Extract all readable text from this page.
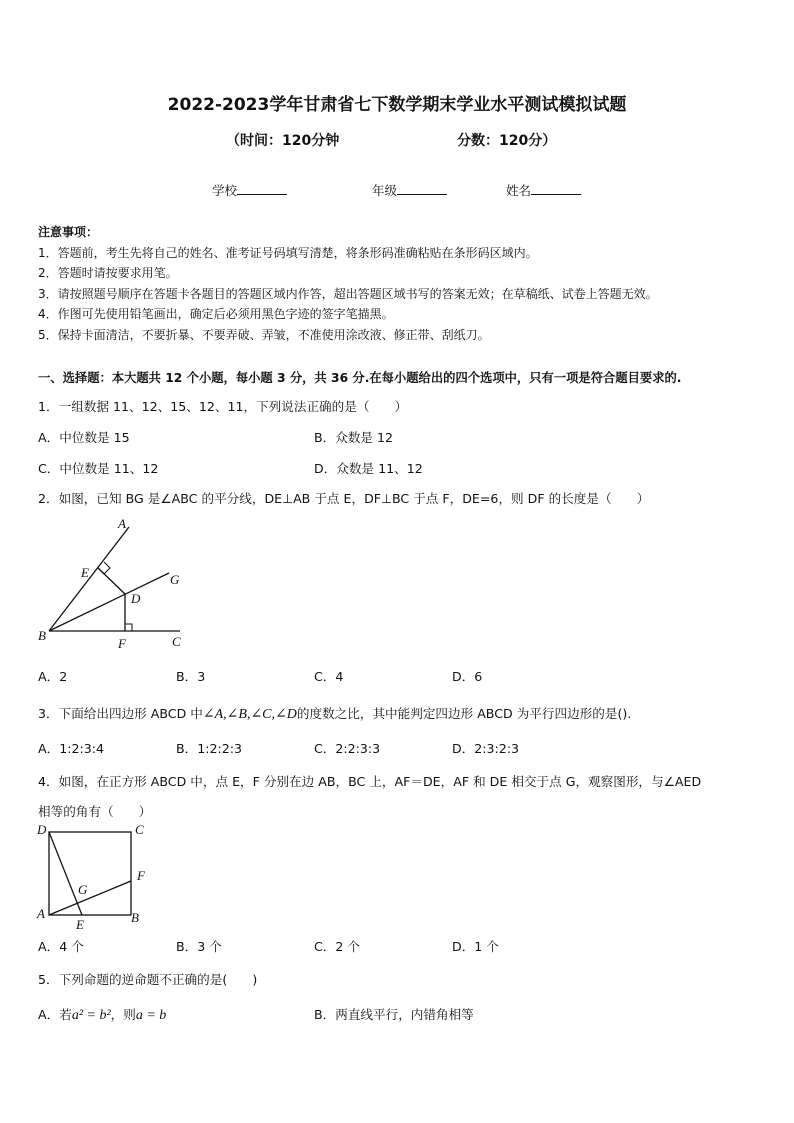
2022-2023学年甘肃省七下数学期末学业水平测试模拟试题
（时间：120分钟	分数：120分）
学校	年级	姓名
注意事项：
1．答题前，考生先将自己的姓名、准考证号码填写清楚，将条形码准确粘贴在条形码区域内。
2．答题时请按要求用笔。
3．请按照题号顺序在答题卡各题目的答题区域内作答，超出答题区域书写的答案无效；在草稿纸、试卷上答题无效。
4．作图可先使用铅笔画出，确定后必须用黑色字迹的签字笔描黑。
5．保持卡面清洁，不要折暴、不要弄破、弄皱，不准使用涂改液、修正带、刮纸刀。
一、选择题：本大题共 12 个小题，每小题 3 分，共 36 分.在每小题给出的四个选项中，只有一项是符合题目要求的.
1．一组数据 11、12、15、12、11，下列说法正确的是（　　）
A．中位数是 15	B．众数是 12
C．中位数是 11、12	D．众数是 11、12
2．如图，已知 BG 是∠ABC 的平分线，DE⊥AB 于点 E，DF⊥BC 于点 F，DE=6，则 DF 的长度是（　　）
A
E	G
D
B
F	C
A．2	B．3	C．4	D．6
3．下面给出四边形 ABCD 中∠A,∠B,∠C,∠D的度数之比，其中能判定四边形 ABCD 为平行四边形的是().
A．1:2:3:4	B．1:2:2:3	C．2:2:3:3	D．2:3:2:3
4．如图，在正方形 ABCD 中，点 E，F 分别在边 AB，BC 上，AF＝DE，AF 和 DE 相交于点 G，观察图形，与∠AED
相等的角有（　　）
D	C
F
G
A
E	B
A．4 个	B．3 个	C．2 个	D．1 个
5．下列命题的逆命题不正确的是(　　)
A．若a² = b²，则a = b	B．两直线平行，内错角相等
